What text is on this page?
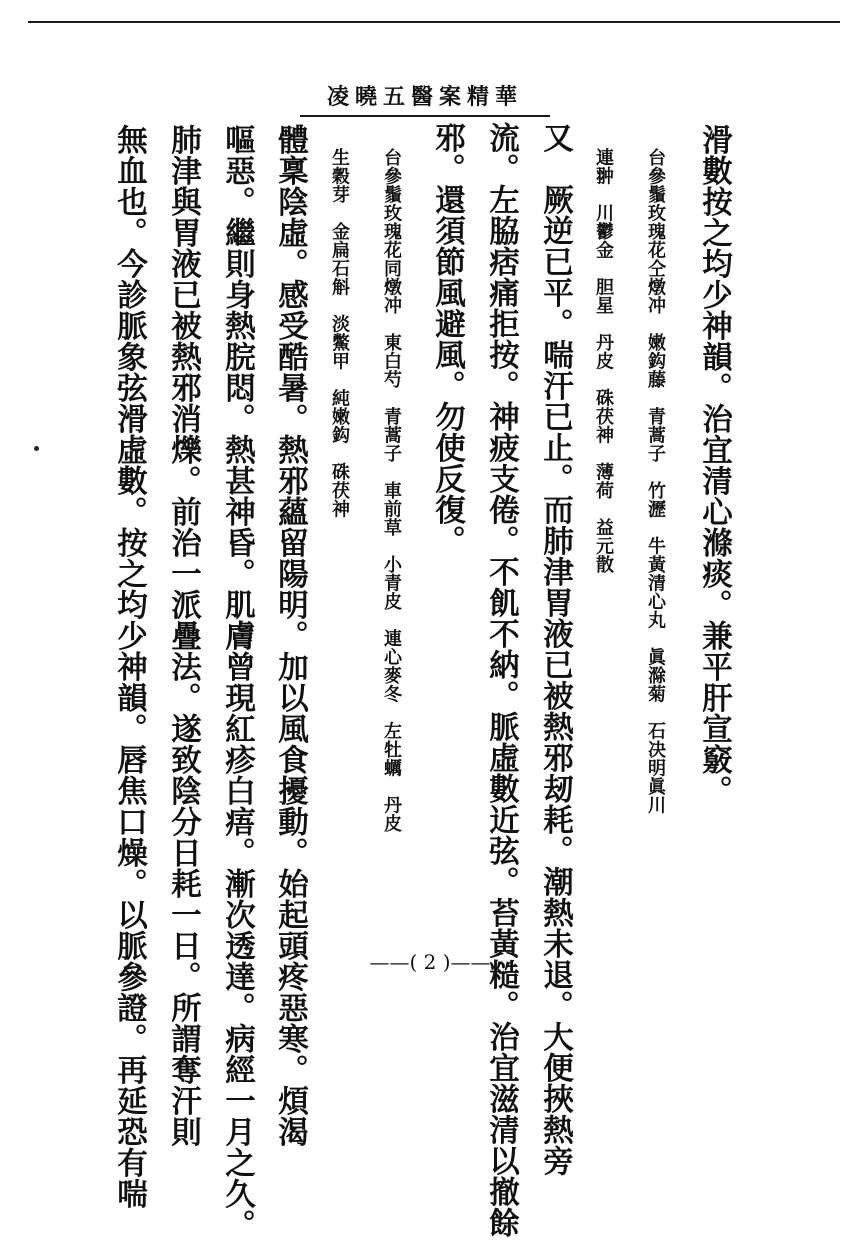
凌曉五醫案精華
滑數按之均少神韻。治宜清心滌痰。兼平肝宣竅。
台參鬚玫瑰花仝燉冲　嫩鈎藤　青蒿子　竹瀝　牛黃清心丸　眞滁菊　石决明眞川
連翀　川鬱金　胆星　丹皮　硃茯神　薄荷　益元散
又　厥逆已平。喘汗已止。而肺津胃液已被熱邪刼耗。潮熱未退。大便挾熱旁
流。左脇痞痛拒按。神疲支倦。不飢不納。脈虛數近弦。苔黃糙。治宜滋清以撤餘
邪。還須節風避風。勿使反復。
台參鬚玫瑰花同燉冲　東白芍　青蒿子　車前草　小青皮　連心麥冬　左牡蠣　丹皮
生穀芽　金扁石斛　淡鱉甲　純嫩鈎　硃茯神
體稟陰虛。感受酷暑。熱邪蘊留陽明。加以風食擾動。始起頭疼惡寒。煩渴
嘔惡。繼則身熱脘悶。熱甚神昏。肌膚曾現紅疹白痦。漸次透達。病經一月之久。
肺津與胃液已被熱邪消爍。前治一派疊法。遂致陰分日耗一日。所謂奪汗則
無血也。今診脈象弦滑虛數。按之均少神韻。唇焦口燥。以脈參證。再延恐有喘	——( 2 )——
